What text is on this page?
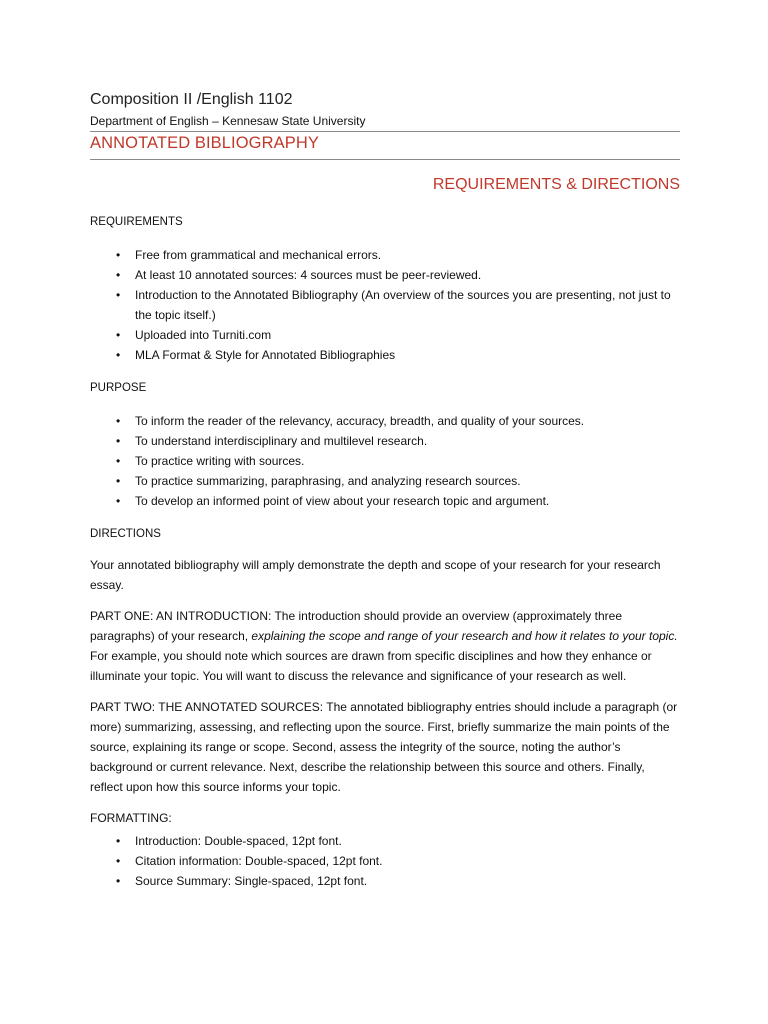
Composition II /English 1102
Department of English – Kennesaw State University
ANNOTATED BIBLIOGRAPHY
REQUIREMENTS & DIRECTIONS

REQUIREMENTS

• Free from grammatical and mechanical errors.
• At least 10 annotated sources: 4 sources must be peer-reviewed.
• Introduction to the Annotated Bibliography (An overview of the sources you are presenting, not just to the topic itself.)
• Uploaded into Turniti.com
• MLA Format & Style for Annotated Bibliographies

PURPOSE

• To inform the reader of the relevancy, accuracy, breadth, and quality of your sources.
• To understand interdisciplinary and multilevel research.
• To practice writing with sources.
• To practice summarizing, paraphrasing, and analyzing research sources.
• To develop an informed point of view about your research topic and argument.

DIRECTIONS

Your annotated bibliography will amply demonstrate the depth and scope of your research for your research essay.

PART ONE: AN INTRODUCTION: The introduction should provide an overview (approximately three paragraphs) of your research, explaining the scope and range of your research and how it relates to your topic. For example, you should note which sources are drawn from specific disciplines and how they enhance or illuminate your topic. You will want to discuss the relevance and significance of your research as well.

PART TWO: THE ANNOTATED SOURCES: The annotated bibliography entries should include a paragraph (or more) summarizing, assessing, and reflecting upon the source. First, briefly summarize the main points of the source, explaining its range or scope. Second, assess the integrity of the source, noting the author’s background or current relevance. Next, describe the relationship between this source and others. Finally, reflect upon how this source informs your topic.

FORMATTING:

• Introduction: Double-spaced, 12pt font.
• Citation information: Double-spaced, 12pt font.
• Source Summary: Single-spaced, 12pt font.
